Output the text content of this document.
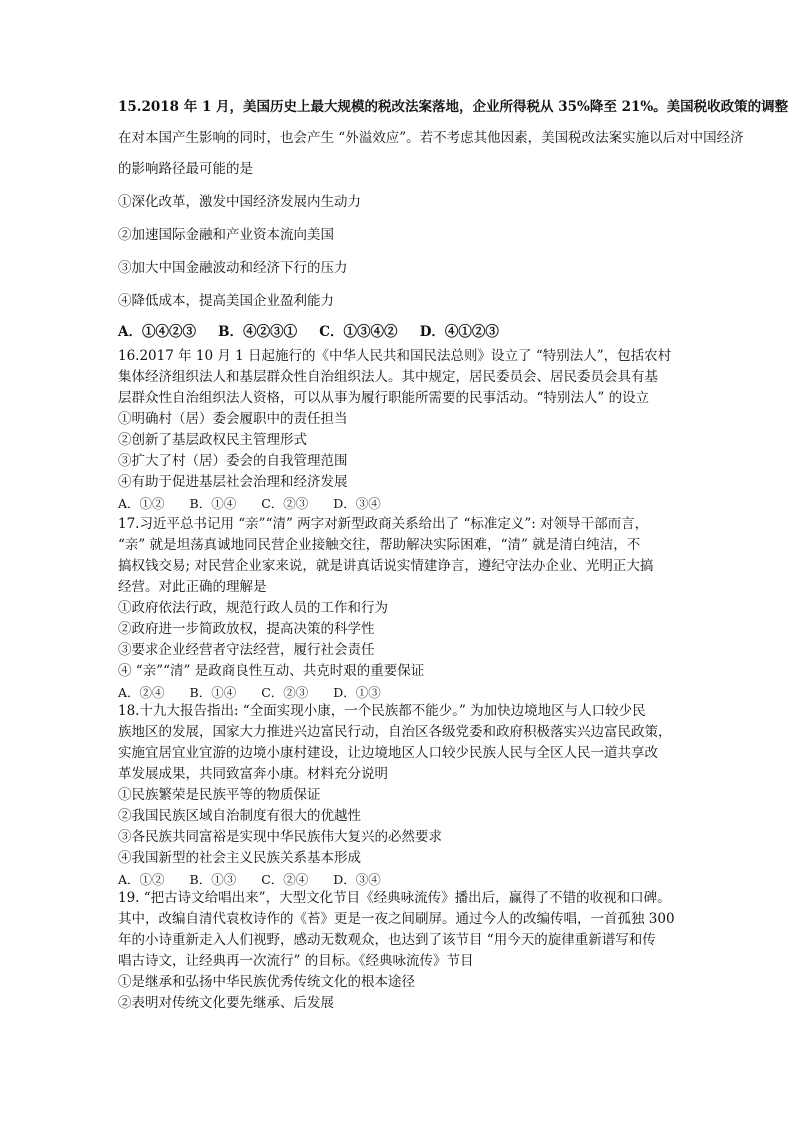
15.2018 年 1 月，美国历史上最大规模的税改法案落地，企业所得税从 35%降至 21%。美国税收政策的调整
在对本国产生影响的同时，也会产生 “外溢效应”。若不考虑其他因素，美国税改法案实施以后对中国经济
的影响路径最可能的是
①深化改革，激发中国经济发展内生动力
②加速国际金融和产业资本流向美国
③加大中国金融波动和经济下行的压力
④降低成本，提高美国企业盈利能力
A．①④②③　 B．④②③①　 C．①③④②　 D．④①②③
16.2017 年 10 月 1 日起施行的《中华人民共和国民法总则》设立了 “特别法人”，包括农村
集体经济组织法人和基层群众性自治组织法人。其中规定，居民委员会、居民委员会具有基
层群众性自治组织法人资格，可以从事为履行职能所需要的民事活动。“特别法人” 的设立
①明确村（居）委会履职中的责任担当
②创新了基层政权民主管理形式
③扩大了村（居）委会的自我管理范围
④有助于促进基层社会治理和经济发展
A．①②　　B．①④　　C．②③　　D．③④
17.习近平总书记用 “亲”“清” 两字对新型政商关系给出了 “标准定义”: 对领导干部而言，
“亲” 就是坦荡真诚地同民营企业接触交往，帮助解决实际困难，“清” 就是清白纯洁，不
搞权钱交易; 对民营企业家来说，就是讲真话说实情建诤言，遵纪守法办企业、光明正大搞
经营。对此正确的理解是
①政府依法行政，规范行政人员的工作和行为
②政府进一步简政放权，提高决策的科学性
③要求企业经营者守法经营，履行社会责任
④ “亲”“清” 是政商良性互动、共克时艰的重要保证
A．②④　　B．①④　　C．②③　　D．①③
18.十九大报告指出: “全面实现小康，一个民族都不能少。” 为加快边境地区与人口较少民
族地区的发展，国家大力推进兴边富民行动，自治区各级党委和政府积极落实兴边富民政策，
实施宜居宜业宜游的边境小康村建设，让边境地区人口较少民族人民与全区人民一道共享改
革发展成果，共同致富奔小康。材料充分说明
①民族繁荣是民族平等的物质保证
②我国民族区域自治制度有很大的优越性
③各民族共同富裕是实现中华民族伟大复兴的必然要求
④我国新型的社会主义民族关系基本形成
A．①②　　B．①③　　C．②④　　D．③④
19. “把古诗文给唱出来”，大型文化节目《经典咏流传》播出后，赢得了不错的收视和口碑。
其中，改编自清代袁枚诗作的《苔》更是一夜之间刷屏。通过今人的改编传唱，一首孤独 300
年的小诗重新走入人们视野，感动无数观众，也达到了该节目 “用今天的旋律重新谱写和传
唱古诗文，让经典再一次流行” 的目标。《经典咏流传》节目
①是继承和弘扬中华民族优秀传统文化的根本途径
②表明对传统文化要先继承、后发展
